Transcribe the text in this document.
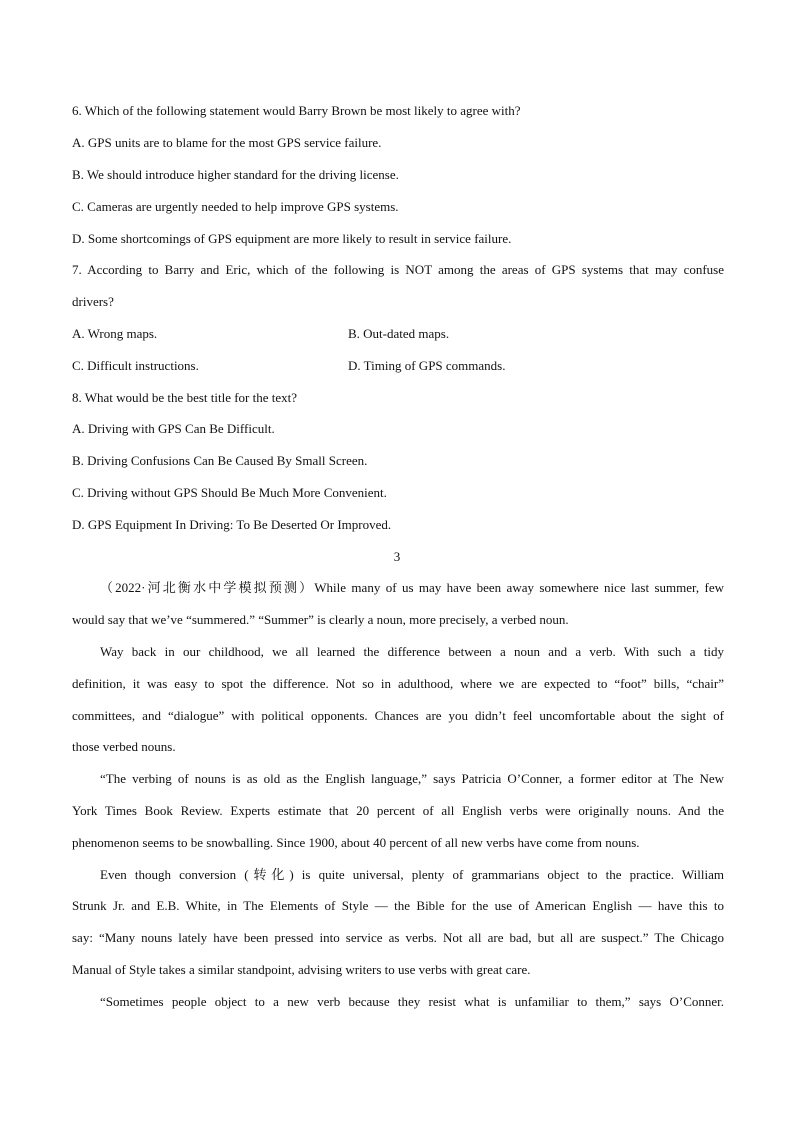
6. Which of the following statement would Barry Brown be most likely to agree with?
A. GPS units are to blame for the most GPS service failure.
B. We should introduce higher standard for the driving license.
C. Cameras are urgently needed to help improve GPS systems.
D. Some shortcomings of GPS equipment are more likely to result in service failure.
7. According to Barry and Eric, which of the following is NOT among the areas of GPS systems that may confuse
drivers?
A. Wrong maps.	B. Out-dated maps.
C. Difficult instructions.	D. Timing of GPS commands.
8. What would be the best title for the text?
A. Driving with GPS Can Be Difficult.
B. Driving Confusions Can Be Caused By Small Screen.
C. Driving without GPS Should Be Much More Convenient.
D. GPS Equipment In Driving: To Be Deserted Or Improved.
3
（2022·河北衡水中学模拟预测）While many of us may have been away somewhere nice last summer, few
would say that we’ve “summered.” “Summer” is clearly a noun, more precisely, a verbed noun.
Way back in our childhood, we all learned the difference between a noun and a verb. With such a tidy
definition, it was easy to spot the difference. Not so in adulthood, where we are expected to “foot” bills, “chair”
committees, and “dialogue” with political opponents. Chances are you didn’t feel uncomfortable about the sight of
those verbed nouns.
“The verbing of nouns is as old as the English language,” says Patricia O’Conner, a former editor at The New
York Times Book Review. Experts estimate that 20 percent of all English verbs were originally nouns. And the
phenomenon seems to be snowballing. Since 1900, about 40 percent of all new verbs have come from nouns.
Even though conversion (转化) is quite universal, plenty of grammarians object to the practice. William
Strunk Jr. and E.B. White, in The Elements of Style — the Bible for the use of American English — have this to
say: “Many nouns lately have been pressed into service as verbs. Not all are bad, but all are suspect.” The Chicago
Manual of Style takes a similar standpoint, advising writers to use verbs with great care.
“Sometimes people object to a new verb because they resist what is unfamiliar to them,” says O’Conner.
